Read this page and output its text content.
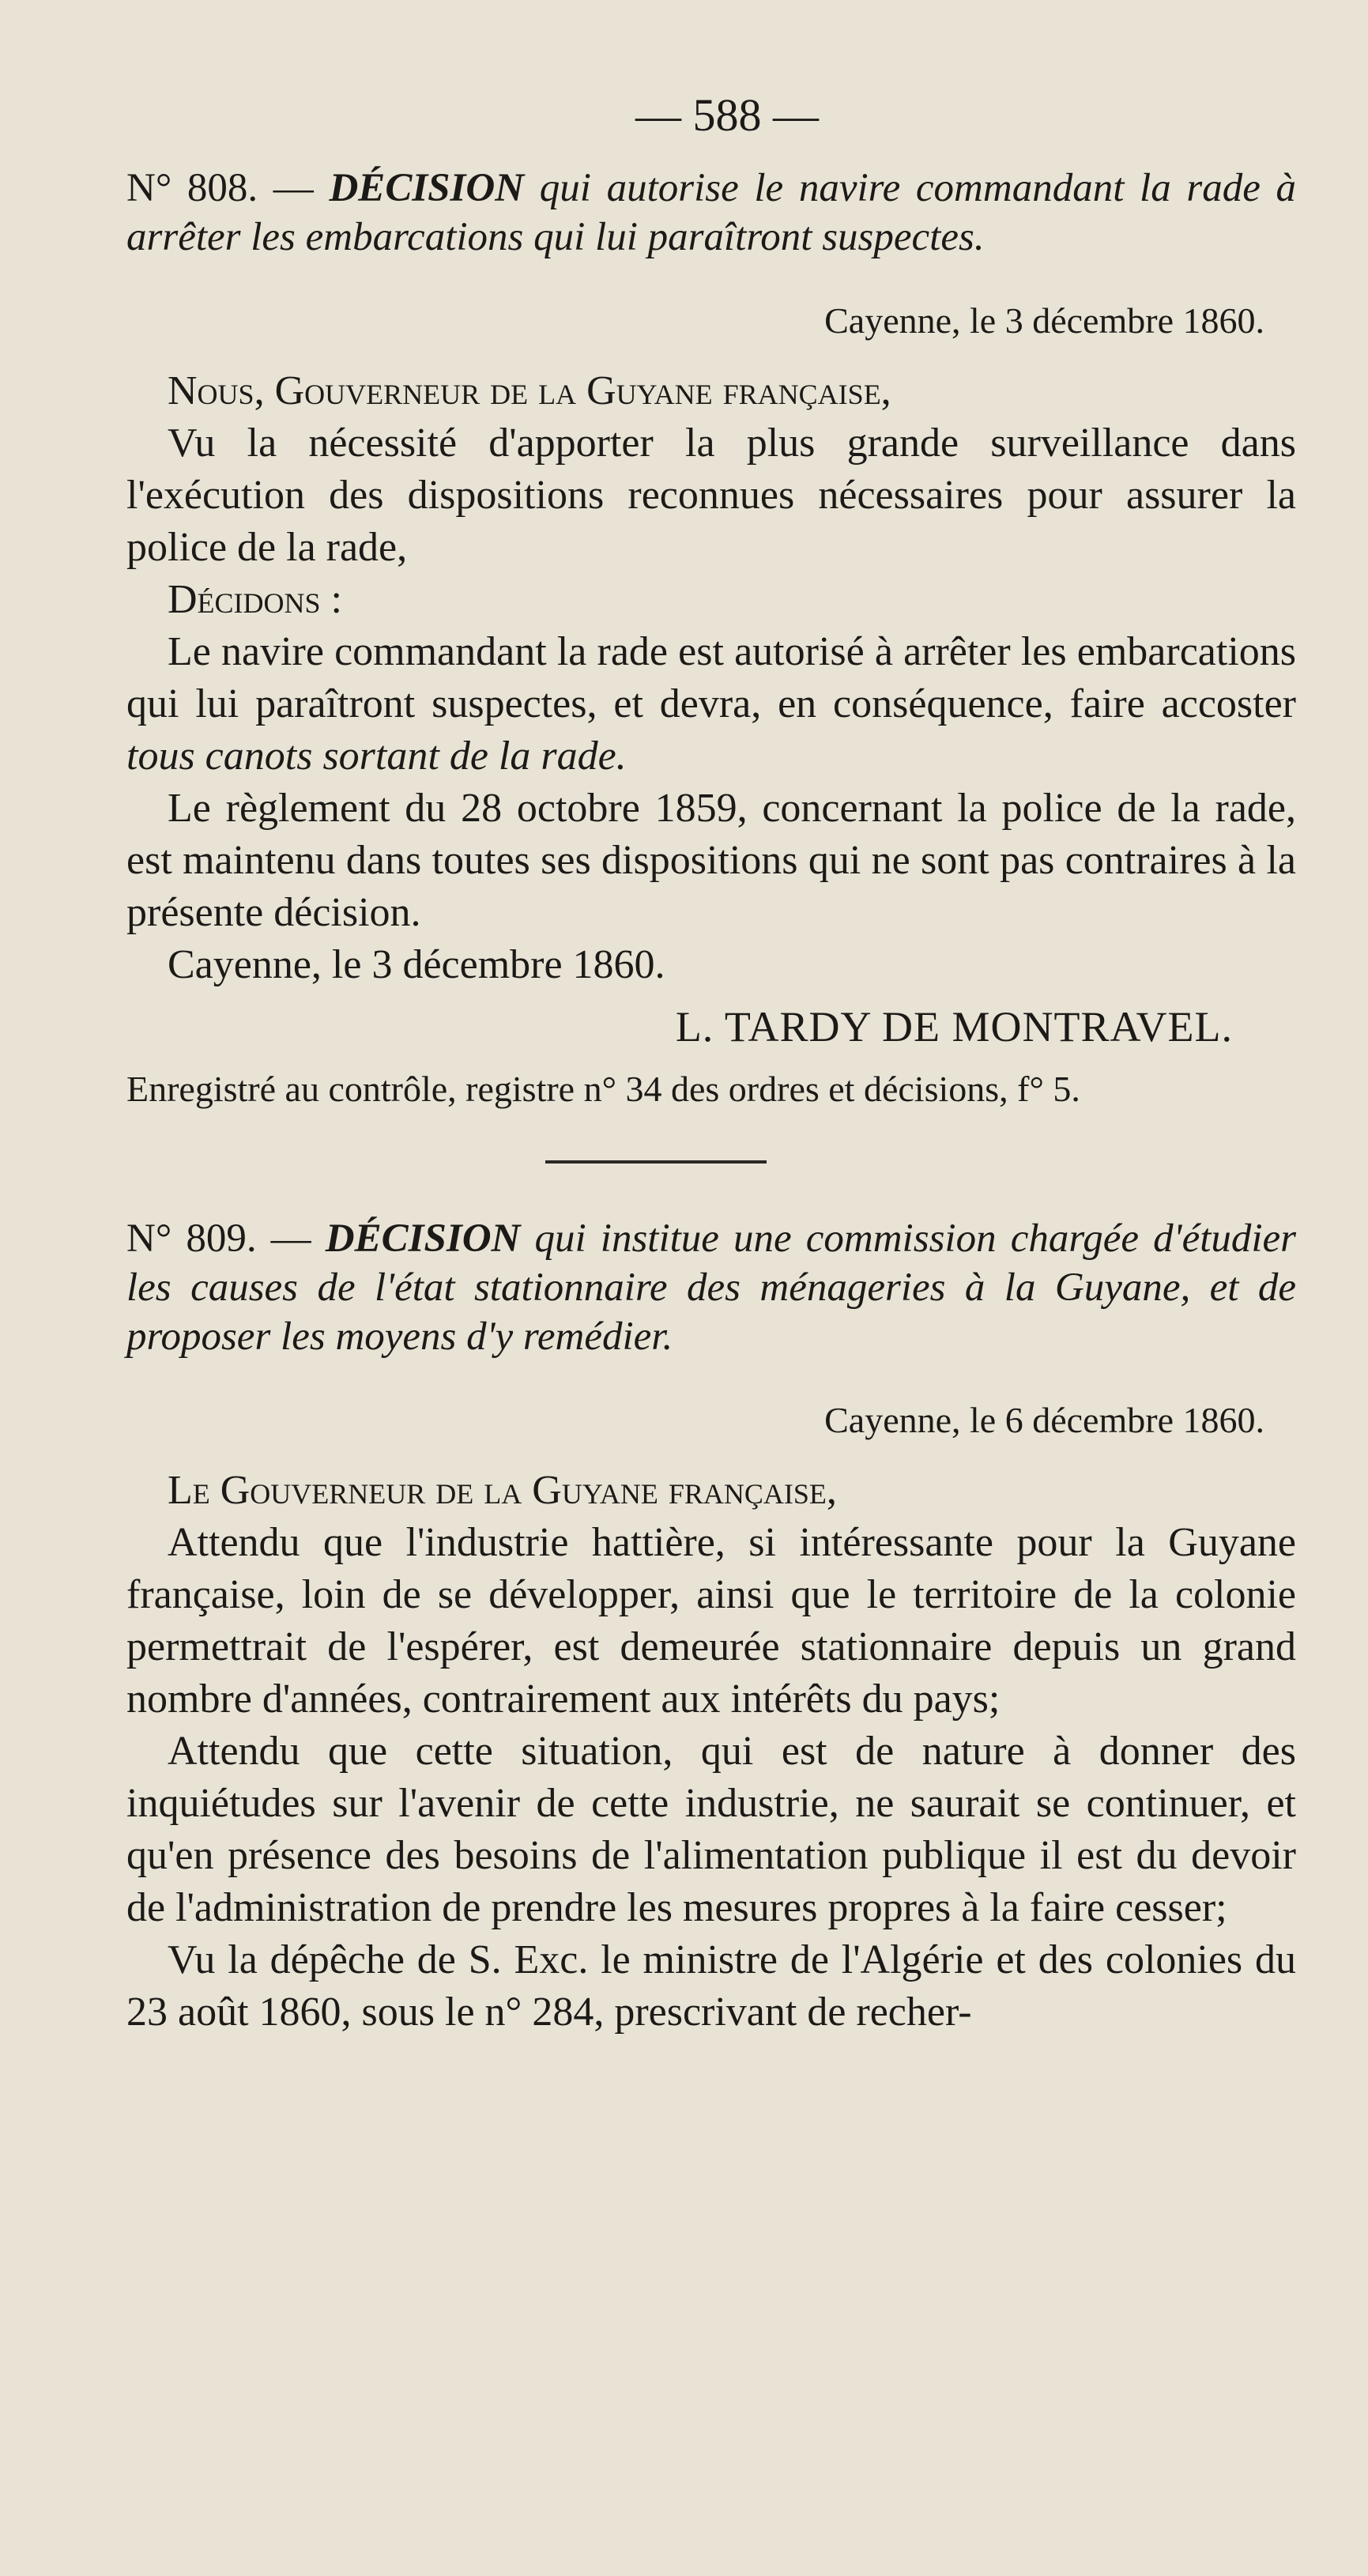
— 588 —

N° 808. — DÉCISION qui autorise le navire commandant la rade à arrêter les embarcations qui lui paraîtront suspectes.

Cayenne, le 3 décembre 1860.

Nous, Gouverneur de la Guyane française,

Vu la nécessité d'apporter la plus grande surveillance dans l'exécution des dispositions reconnues nécessaires pour assurer la police de la rade,

Décidons :

Le navire commandant la rade est autorisé à arrêter les embarcations qui lui paraîtront suspectes, et devra, en conséquence, faire accoster tous canots sortant de la rade.

Le règlement du 28 octobre 1859, concernant la police de la rade, est maintenu dans toutes ses dispositions qui ne sont pas contraires à la présente décision.

Cayenne, le 3 décembre 1860.

L. TARDY DE MONTRAVEL.

Enregistré au contrôle, registre n° 34 des ordres et décisions, f° 5.

N° 809. — DÉCISION qui institue une commission chargée d'étudier les causes de l'état stationnaire des ménageries à la Guyane, et de proposer les moyens d'y remédier.

Cayenne, le 6 décembre 1860.

Le Gouverneur de la Guyane française,

Attendu que l'industrie hattière, si intéressante pour la Guyane française, loin de se développer, ainsi que le territoire de la colonie permettrait de l'espérer, est demeurée stationnaire depuis un grand nombre d'années, contrairement aux intérêts du pays;

Attendu que cette situation, qui est de nature à donner des inquiétudes sur l'avenir de cette industrie, ne saurait se continuer, et qu'en présence des besoins de l'alimentation publique il est du devoir de l'administration de prendre les mesures propres à la faire cesser;

Vu la dépêche de S. Exc. le ministre de l'Algérie et des colonies du 23 août 1860, sous le n° 284, prescrivant de recher-
